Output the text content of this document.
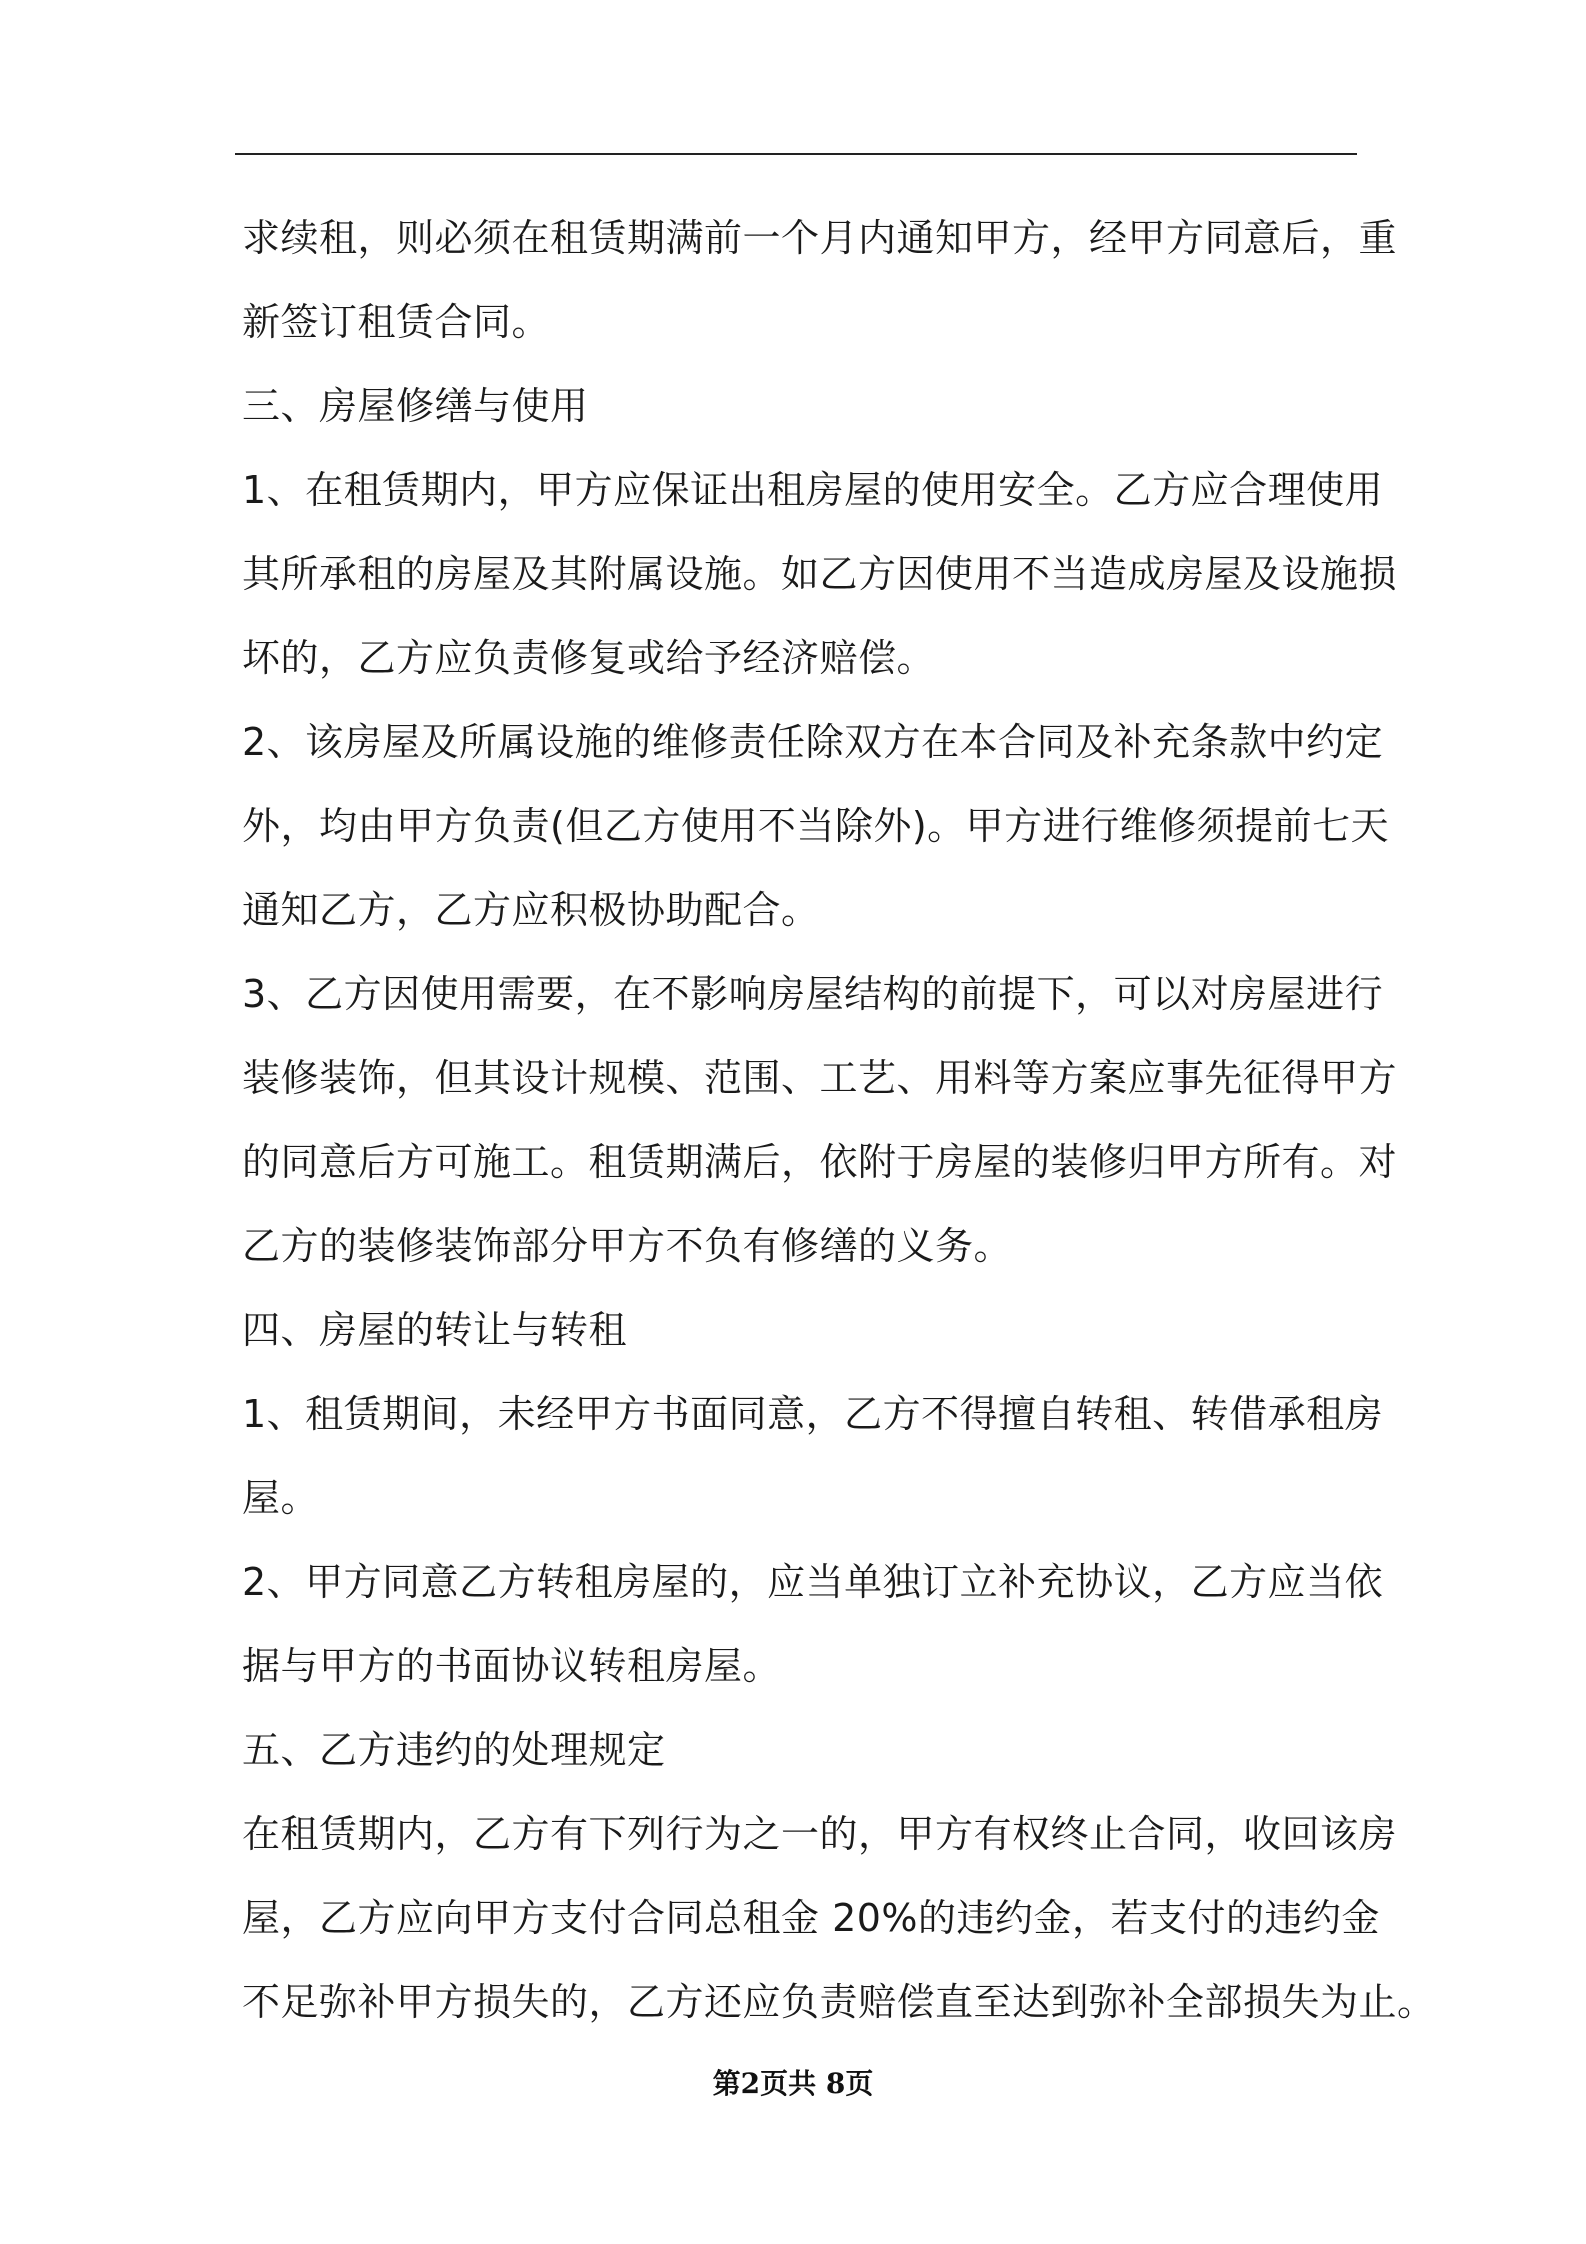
求续租，则必须在租赁期满前一个月内通知甲方，经甲方同意后，重
新签订租赁合同。
三、房屋修缮与使用
1、在租赁期内，甲方应保证出租房屋的使用安全。乙方应合理使用
其所承租的房屋及其附属设施。如乙方因使用不当造成房屋及设施损
坏的，乙方应负责修复或给予经济赔偿。
2、该房屋及所属设施的维修责任除双方在本合同及补充条款中约定
外，均由甲方负责(但乙方使用不当除外)。甲方进行维修须提前七天
通知乙方，乙方应积极协助配合。
3、乙方因使用需要，在不影响房屋结构的前提下，可以对房屋进行
装修装饰，但其设计规模、范围、工艺、用料等方案应事先征得甲方
的同意后方可施工。租赁期满后，依附于房屋的装修归甲方所有。对
乙方的装修装饰部分甲方不负有修缮的义务。
四、房屋的转让与转租
1、租赁期间，未经甲方书面同意，乙方不得擅自转租、转借承租房
屋。
2、甲方同意乙方转租房屋的，应当单独订立补充协议，乙方应当依
据与甲方的书面协议转租房屋。
五、乙方违约的处理规定
在租赁期内，乙方有下列行为之一的，甲方有权终止合同，收回该房
屋，乙方应向甲方支付合同总租金 20%的违约金，若支付的违约金
不足弥补甲方损失的，乙方还应负责赔偿直至达到弥补全部损失为止。
第2页共 8页
